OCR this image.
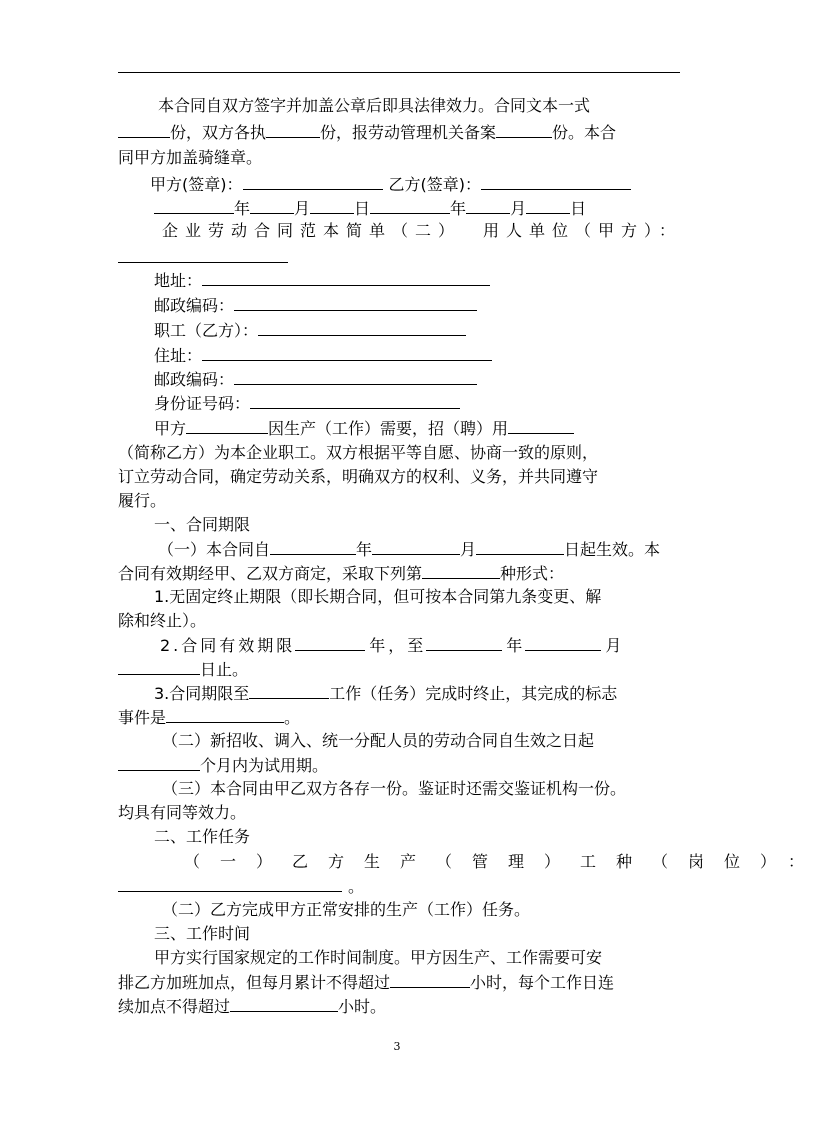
本合同自双方签字并加盖公章后即具法律效力。合同文本一式
份，双方各执	份，报劳动管理机关备案	份。本合
同甲方加盖骑缝章。
甲方(签章)：	乙方(签章)：
年	月	日	年	月	日
企业劳动合同范本简单（二） 用人单位（甲方）：
地址：
邮政编码：
职工（乙方）：
住址：
邮政编码：
身份证号码：
甲方	因生产（工作）需要，招（聘）用
（简称乙方）为本企业职工。双方根据平等自愿、协商一致的原则，
订立劳动合同，确定劳动关系，明确双方的权利、义务，并共同遵守
履行。
一、合同期限
（一）本合同自	年	月	日起生效。本
合同有效期经甲、乙双方商定，采取下列第	种形式：
1.无固定终止期限（即长期合同，但可按本合同第九条变更、解
除和终止）。
2.合同有效期限	年，至	年	月
日止。
3.合同期限至	工作（任务）完成时终止，其完成的标志
事件是	。
（二）新招收、调入、统一分配人员的劳动合同自生效之日起
个月内为试用期。
（三）本合同由甲乙双方各存一份。鉴证时还需交鉴证机构一份。
均具有同等效力。
二、工作任务
（一）乙方生产（管理）工种（岗位）：
。
（二）乙方完成甲方正常安排的生产（工作）任务。
三、工作时间
甲方实行国家规定的工作时间制度。甲方因生产、工作需要可安
排乙方加班加点，但每月累计不得超过	小时，每个工作日连
续加点不得超过	小时。
3
